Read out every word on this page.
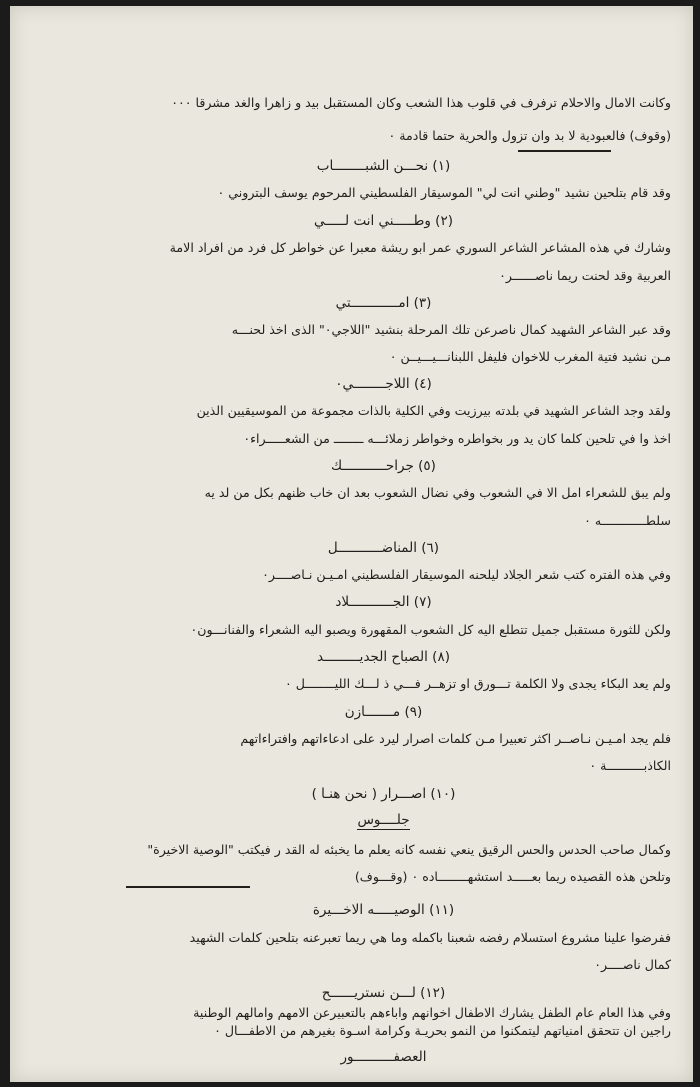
وكانت الامال والاحلام ترفرف في قلوب هذا الشعب وكان المستقبل بيد و زاهرا والغد مشرقا ٠٠٠
(وقوف) فالعبودية لا بد وان تزول والحرية حتما قادمة ٠
(١) نحـــن الشبــــــــاب
وقد قام بتلحين نشيد "وطني انت لي" الموسيقار الفلسطيني المرحوم يوسف البتروني ٠
(٢) وطـــــني انت لـــــي
وشارك في هذه المشاعر الشاعر السوري عمر ابو ريشة معبرا عن خواطر كل فرد من افراد الامة
العربية وقد لحنت ريما ناصــــــر٠
(٣) امــــــــــــتي
وقد عبر الشاعر الشهيد كمال ناصرعن تلك المرحلة بنشيد "اللاجي٠" الذى اخذ لحنـــه
مـن نشيد فتية المغرب للاخوان فليفل اللبنانـــيـــيــن ٠
(٤) اللاجــــــــي٠
ولقد وجد الشاعر الشهيد في بلدته بيرزيت وفي الكلية بالذات مجموعة من الموسيقيين الذين
اخذ وا في تلحين كلما كان يد ور بخواطره وخواطر زملائـــه ــــــــ من الشعـــــراء٠
(٥) جراحـــــــــــك
ولم يبق للشعراء امل الا في الشعوب وفي نضال الشعوب بعد ان خاب ظنهم بكل من لد يه
سلطــــــــــــه ٠
(٦) المناضـــــــــــل
وفي هذه الفتره كتب شعر الجلاد ليلحنه الموسيقار الفلسطيني امـيـن نـاصــــر٠
(٧) الجـــــــــــلاد
ولكن للثورة مستقبل جميل تتطلع اليه كل الشعوب المقهورة ويصبو اليه الشعراء والفنانـــون٠
(٨) الصباح الجديـــــــــد
ولم يعد البكاء يجدى ولا الكلمة تـــورق او تزهــر فـــي ذ لـــك الليــــــــل ٠
(٩) مـــــــازن
فلم يجد امـيـن نـاصــر اكثر تعبيرا مـن كلمات اصرار ليرد على ادعاءاتهم وافتراءاتهم
الكاذبــــــــــة ٠
(١٠) اصـــرار ( نحن هنـا )
جلــــوس
وكمال صاحب الحدس والحس الرقيق ينعي نفسه كانه يعلم ما يخبئه له القد ر فيكتب "الوصية الاخيرة"
وتلحن هذه القصيده ريما بعـــــد استشهــــــــاده ٠ (وقـــوف)
(١١) الوصيـــــه الاخـــيرة
ففرضوا علينا مشروع استسلام رفضه شعبنا باكمله وما هي ريما تعبرعنه بتلحين كلمات الشهيد
كمال ناصــــر٠
(١٢) لـــن نستريــــــح
وفي هذا العام عام الطفل يشارك الاطفال اخوانهم واباءهم بالتعبيرعن الامهم وامالهم الوطنية
راجين ان تتحقق امنياتهم ليتمكنوا من النمو بحريـة وكرامة اسـوة بغيرهم من الاطفـــال ٠
العصفــــــــــور
